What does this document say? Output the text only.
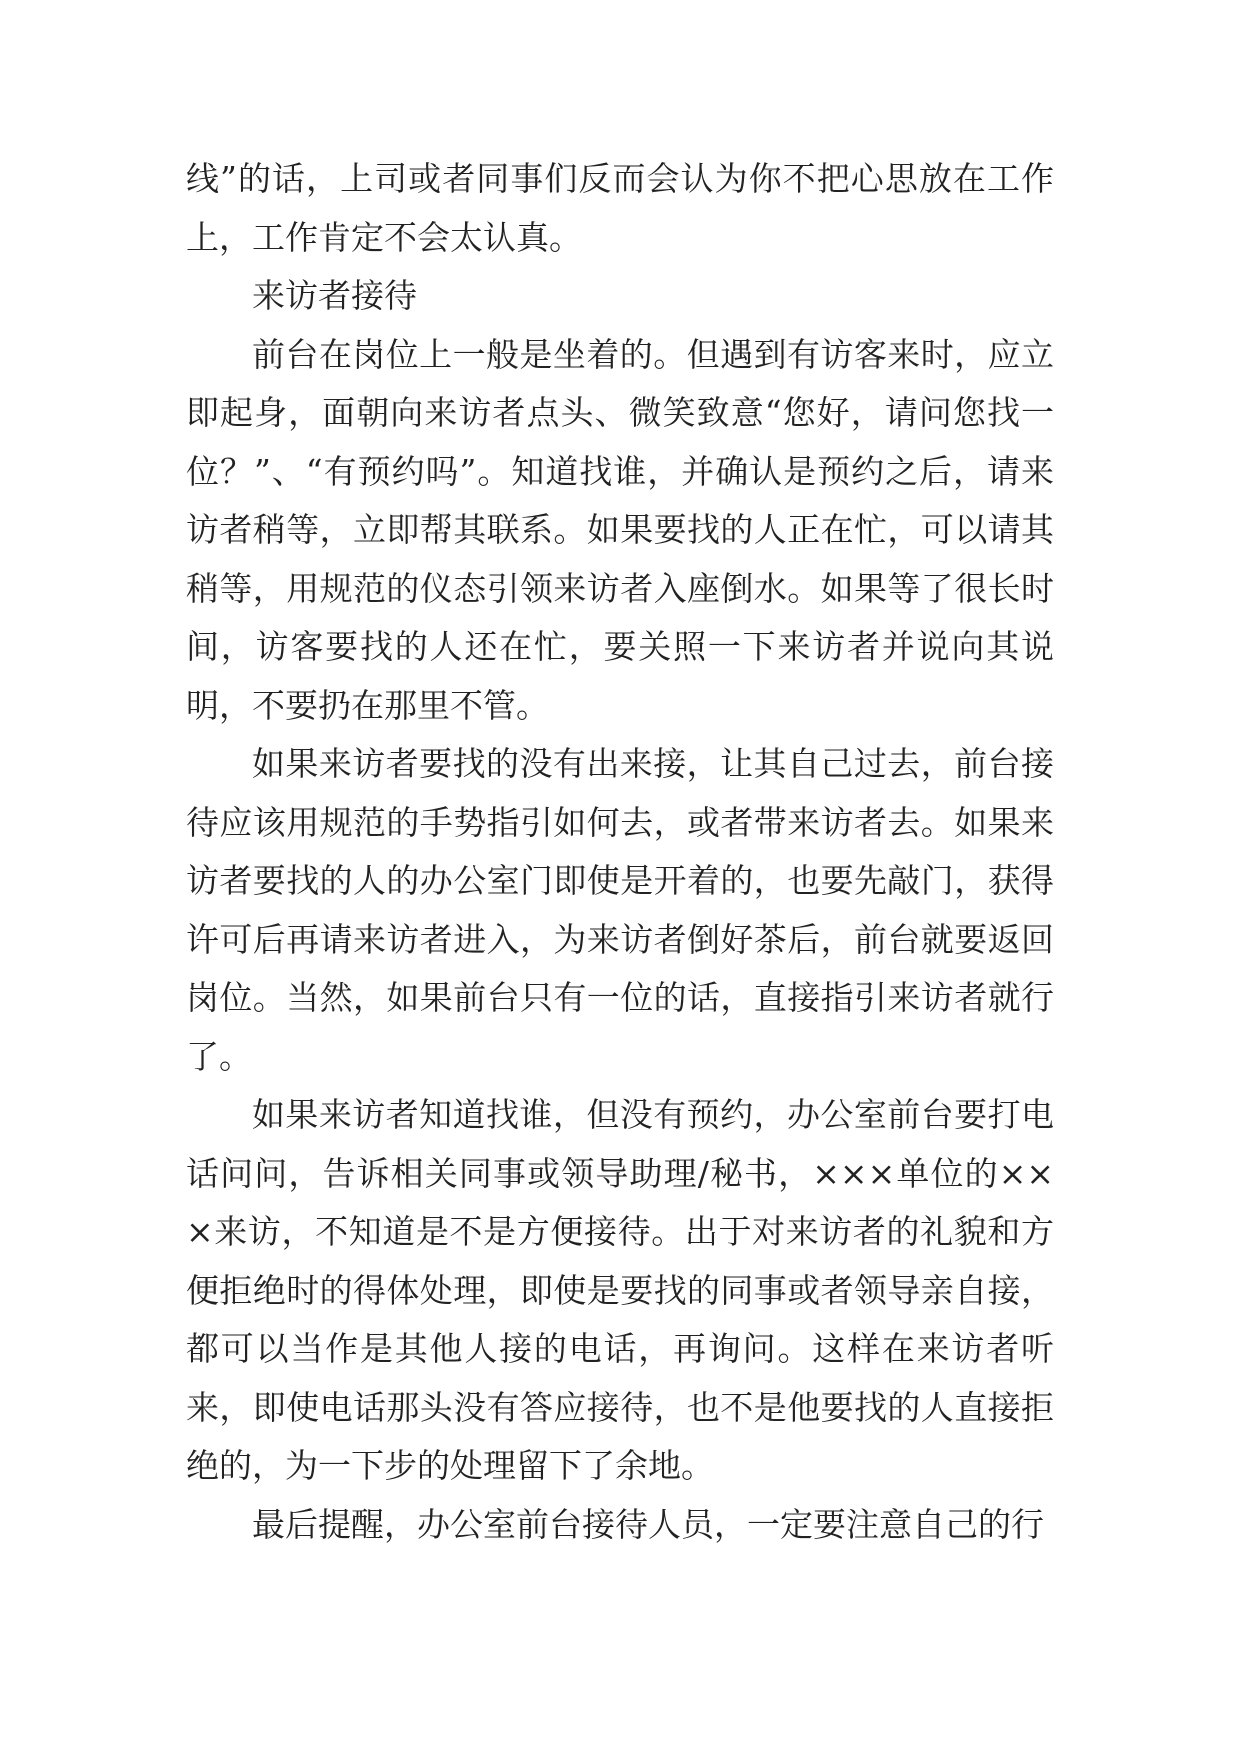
线”的话，上司或者同事们反而会认为你不把心思放在工作上，工作肯定不会太认真。

来访者接待

前台在岗位上一般是坐着的。但遇到有访客来时，应立即起身，面朝向来访者点头、微笑致意“您好，请问您找一位？”、“有预约吗”。知道找谁，并确认是预约之后，请来访者稍等，立即帮其联系。如果要找的人正在忙，可以请其稍等，用规范的仪态引领来访者入座倒水。如果等了很长时间，访客要找的人还在忙，要关照一下来访者并说向其说明，不要扔在那里不管。

如果来访者要找的没有出来接，让其自己过去，前台接待应该用规范的手势指引如何去，或者带来访者去。如果来访者要找的人的办公室门即使是开着的，也要先敲门，获得许可后再请来访者进入，为来访者倒好茶后，前台就要返回岗位。当然，如果前台只有一位的话，直接指引来访者就行了。

如果来访者知道找谁，但没有预约，办公室前台要打电话问问，告诉相关同事或领导助理/秘书，×××单位的×××来访，不知道是不是方便接待。出于对来访者的礼貌和方便拒绝时的得体处理，即使是要找的同事或者领导亲自接，都可以当作是其他人接的电话，再询问。这样在来访者听来，即使电话那头没有答应接待，也不是他要找的人直接拒绝的，为一下步的处理留下了余地。

最后提醒，办公室前台接待人员，一定要注意自己的行
